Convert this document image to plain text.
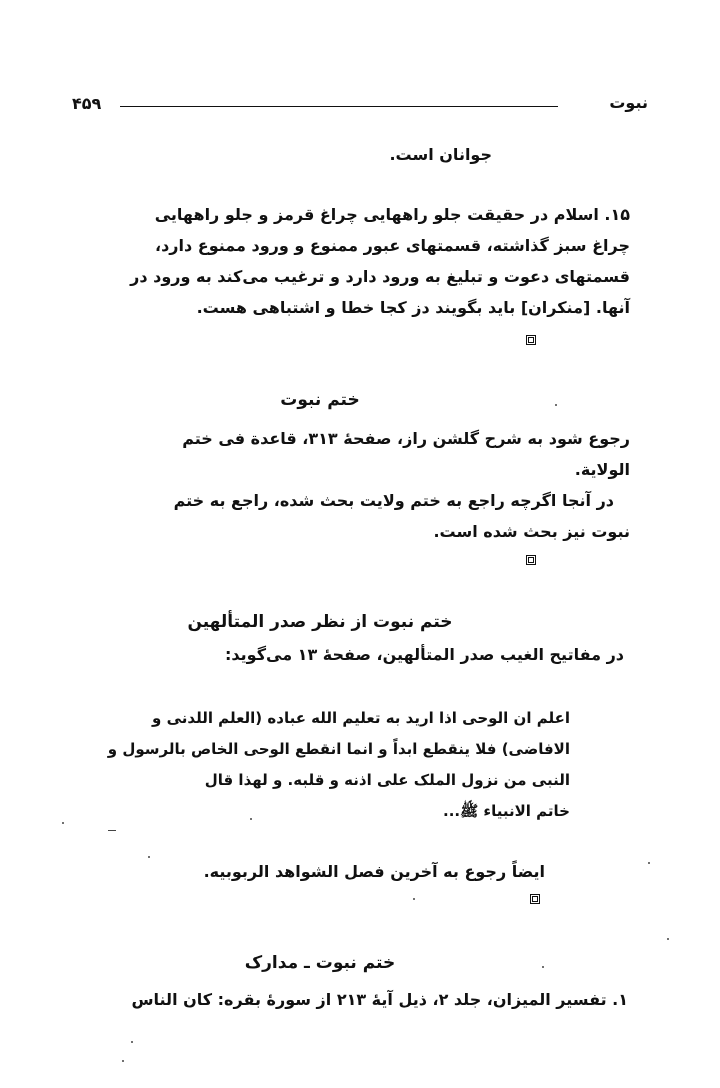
۴۵۹	نبوت
جوانان است.
۱۵. اسلام در حقیقت جلو راههایی چراغ قرمز و جلو راههایی
چراغ سبز گذاشته، قسمتهای عبور ممنوع و ورود ممنوع دارد،
قسمتهای دعوت و تبلیغ به ورود دارد و ترغیب می‌کند به ورود در
آنها. [منکران] باید بگویند دز کجا خطا و اشتباهی هست.
ختم نبوت
رجوع شود به شرح گلشن راز، صفحهٔ ۳۱۳، قاعدة فی ختم
الولایة.
در آنجا اگرچه راجع به ختم ولایت بحث شده، راجع به ختم
نبوت نیز بحث شده است.
ختم نبوت از نظر صدر المتألهین
در مفاتیح الغیب صدر المتألهین، صفحهٔ ۱۳ می‌گوید:
اعلم ان الوحی اذا ارید به تعلیم الله عباده (العلم اللدنی و
الافاضی) فلا ینقطع ابداً و انما انقطع الوحی الخاص بالرسول و
النبی من نزول الملک علی اذنه و قلبه. و لهذا قال
خاتم الانبیاء ﷺ...
ایضاً رجوع به آخرین فصل الشواهد الربوبیه.
ختم نبوت ـ مدارک
۱. تفسیر المیزان، جلد ۲، ذیل آیهٔ ۲۱۳ از سورهٔ بقره: کان الناس
